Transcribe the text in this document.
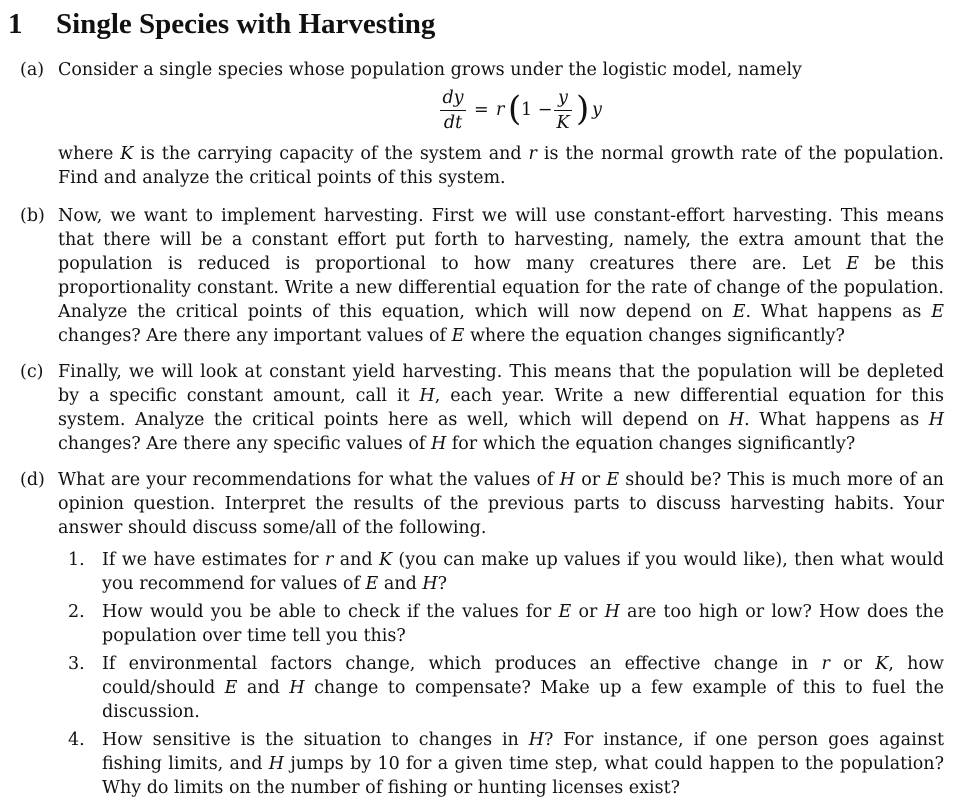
1 Single Species with Harvesting
(a) Consider a single species whose population grows under the logistic model, namely
$\frac{dy}{dt} = r$ ( $1 - \frac{y}{K}$ ) y
where K is the carrying capacity of the system and r is the normal growth rate of the population. Find and analyze the critical points of this system.
(b) Now, we want to implement harvesting. First we will use constant-effort harvesting. This means that there will be a constant effort put forth to harvesting, namely, the extra amount that the population is reduced is proportional to how many creatures there are. Let E be this proportionality constant. Write a new differential equation for the rate of change of the population. Analyze the critical points of this equation, which will now depend on E. What happens as E changes? Are there any important values of E where the equation changes significantly?
(c) Finally, we will look at constant yield harvesting. This means that the population will be depleted by a specific constant amount, call it H, each year. Write a new differential equation for this system. Analyze the critical points here as well, which will depend on H. What happens as H changes? Are there any specific values of H for which the equation changes significantly?
(d) What are your recommendations for what the values of H or E should be? This is much more of an opinion question. Interpret the results of the previous parts to discuss harvesting habits. Your answer should discuss some/all of the following.
1. If we have estimates for r and K (you can make up values if you would like), then what would you recommend for values of E and H?
2. How would you be able to check if the values for E or H are too high or low? How does the population over time tell you this?
3. If environmental factors change, which produces an effective change in r or K, how could/should E and H change to compensate? Make up a few example of this to fuel the discussion.
4. How sensitive is the situation to changes in H? For instance, if one person goes against fishing limits, and H jumps by 10 for a given time step, what could happen to the population? Why do limits on the number of fishing or hunting licenses exist?
